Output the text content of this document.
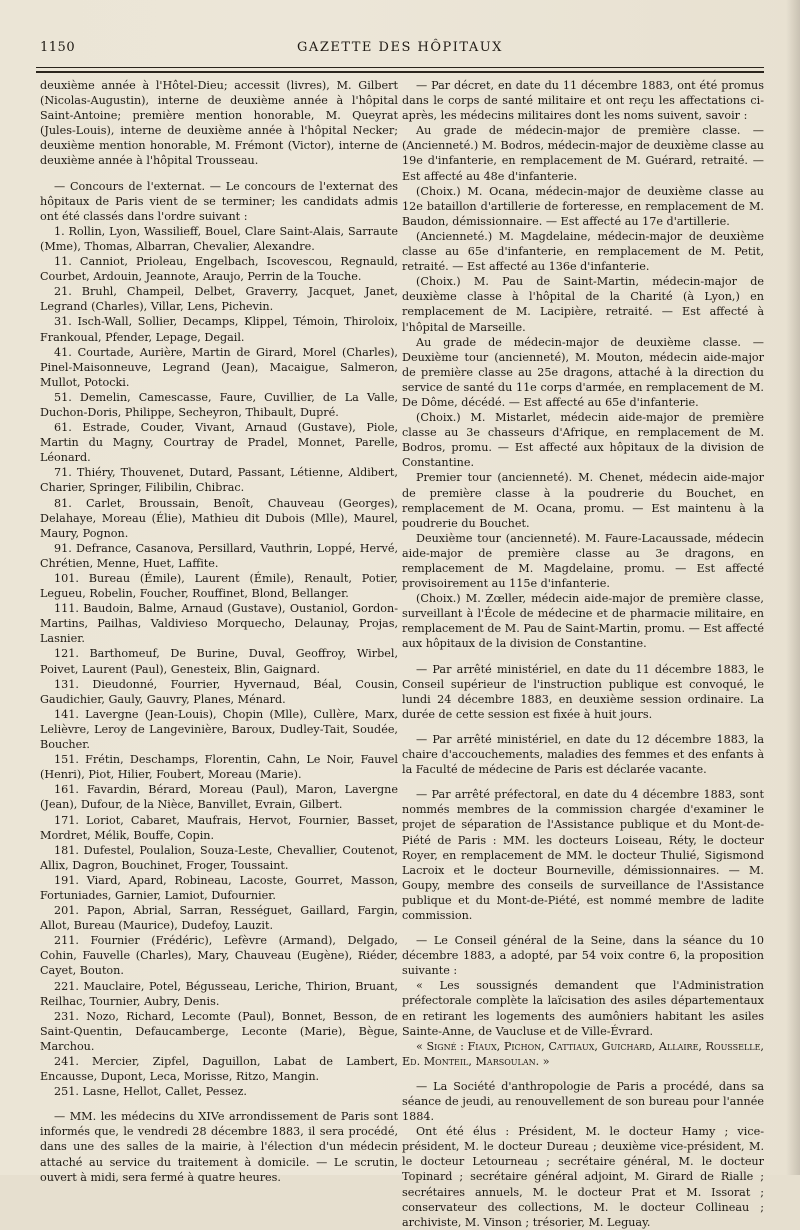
1150	GAZETTE DES HÔPITAUX

deuxième année à l'Hôtel-Dieu; accessit (livres), M. Gilbert (Nicolas-Augustin), interne de deuxième année à l'hôpital Saint-Antoine; première mention honorable, M. Queyrat (Jules-Louis), interne de deuxième année à l'hôpital Necker; deuxième mention honorable, M. Frémont (Victor), interne de deuxième année à l'hôpital Trousseau.

— Concours de l'externat. — Le concours de l'externat des hôpitaux de Paris vient de se terminer; les candidats admis ont été classés dans l'ordre suivant :

1. Rollin, Lyon, Wassilieff, Bouel, Clare Saint-Alais, Sarraute (Mme), Thomas, Albarran, Chevalier, Alexandre.

11. Canniot, Prioleau, Engelbach, Iscovescou, Regnauld, Courbet, Ardouin, Jeannote, Araujo, Perrin de la Touche.

21. Bruhl, Champeil, Delbet, Graverry, Jacquet, Janet, Legrand (Charles), Villar, Lens, Pichevin.

31. Isch-Wall, Sollier, Decamps, Klippel, Témoin, Thiroloix, Frankoual, Pfender, Lepage, Degail.

41. Courtade, Aurière, Martin de Girard, Morel (Charles), Pinel-Maisonneuve, Legrand (Jean), Macaigue, Salmeron, Mullot, Potocki.

51. Demelin, Camescasse, Faure, Cuvillier, de La Valle, Duchon-Doris, Philippe, Secheyron, Thibault, Dupré.

61. Estrade, Couder, Vivant, Arnaud (Gustave), Piole, Martin du Magny, Courtray de Pradel, Monnet, Parelle, Léonard.

71. Thiéry, Thouvenet, Dutard, Passant, Létienne, Aldibert, Charier, Springer, Filibilin, Chibrac.

81. Carlet, Broussain, Benoît, Chauveau (Georges), Delahaye, Moreau (Élie), Mathieu dit Dubois (Mlle), Maurel, Maury, Pognon.

91. Defrance, Casanova, Persillard, Vauthrin, Loppé, Hervé, Chrétien, Menne, Huet, Laffite.

101. Bureau (Émile), Laurent (Émile), Renault, Potier, Legueu, Robelin, Foucher, Rouffinet, Blond, Bellanger.

111. Baudoin, Balme, Arnaud (Gustave), Oustaniol, Gordon-Martins, Pailhas, Valdivieso Morquecho, Delaunay, Projas, Lasnier.

121. Barthomeuf, De Burine, Duval, Geoffroy, Wirbel, Poivet, Laurent (Paul), Genesteix, Blin, Gaignard.

131. Dieudonné, Fourrier, Hyvernaud, Béal, Cousin, Gaudichier, Gauly, Gauvry, Planes, Ménard.

141. Lavergne (Jean-Louis), Chopin (Mlle), Cullère, Marx, Lelièvre, Leroy de Langevinière, Baroux, Dudley-Tait, Soudée, Boucher.

151. Frétin, Deschamps, Florentin, Cahn, Le Noir, Fauvel (Henri), Piot, Hilier, Foubert, Moreau (Marie).

161. Favardin, Bérard, Moreau (Paul), Maron, Lavergne (Jean), Dufour, de la Nièce, Banvillet, Evrain, Gilbert.

171. Loriot, Cabaret, Maufrais, Hervot, Fournier, Basset, Mordret, Mélik, Bouffe, Copin.

181. Dufestel, Poulalion, Souza-Leste, Chevallier, Coutenot, Allix, Dagron, Bouchinet, Froger, Toussaint.

191. Viard, Apard, Robineau, Lacoste, Gourret, Masson, Fortuniades, Garnier, Lamiot, Dufournier.

201. Papon, Abrial, Sarran, Rességuet, Gaillard, Fargin, Allot, Bureau (Maurice), Dudefoy, Lauzit.

211. Fournier (Frédéric), Lefèvre (Armand), Delgado, Cohin, Fauvelle (Charles), Mary, Chauveau (Eugène), Riéder, Cayet, Bouton.

221. Mauclaire, Potel, Bégusseau, Leriche, Thirion, Bruant, Reilhac, Tournier, Aubry, Denis.

231. Nozo, Richard, Lecomte (Paul), Bonnet, Besson, de Saint-Quentin, Defaucamberge, Leconte (Marie), Bègue, Marchou.

241. Mercier, Zipfel, Daguillon, Labat de Lambert, Encausse, Dupont, Leca, Morisse, Ritzo, Mangin.

251. Lasne, Hellot, Callet, Pessez.

— MM. les médecins du XIVe arrondissement de Paris sont informés que, le vendredi 28 décembre 1883, il sera procédé, dans une des salles de la mairie, à l'élection d'un médecin attaché au service du traitement à domicile. — Le scrutin, ouvert à midi, sera fermé à quatre heures.

— Par décret, en date du 11 décembre 1883, ont été promus dans le corps de santé militaire et ont reçu les affectations ci-après, les médecins militaires dont les noms suivent, savoir :

Au grade de médecin-major de première classe. — (Ancienneté.) M. Bodros, médecin-major de deuxième classe au 19e d'infanterie, en remplacement de M. Guérard, retraité. — Est affecté au 48e d'infanterie.

(Choix.) M. Ocana, médecin-major de deuxième classe au 12e bataillon d'artillerie de forteresse, en remplacement de M. Baudon, démissionnaire. — Est affecté au 17e d'artillerie.

(Ancienneté.) M. Magdelaine, médecin-major de deuxième classe au 65e d'infanterie, en remplacement de M. Petit, retraité. — Est affecté au 136e d'infanterie.

(Choix.) M. Pau de Saint-Martin, médecin-major de deuxième classe à l'hôpital de la Charité (à Lyon,) en remplacement de M. Lacipière, retraité. — Est affecté à l'hôpital de Marseille.

Au grade de médecin-major de deuxième classe. — Deuxième tour (ancienneté), M. Mouton, médecin aide-major de première classe au 25e dragons, attaché à la direction du service de santé du 11e corps d'armée, en remplacement de M. De Dôme, décédé. — Est affecté au 65e d'infanterie.

(Choix.) M. Mistarlet, médecin aide-major de première classe au 3e chasseurs d'Afrique, en remplacement de M. Bodros, promu. — Est affecté aux hôpitaux de la division de Constantine.

Premier tour (ancienneté). M. Chenet, médecin aide-major de première classe à la poudrerie du Bouchet, en remplacement de M. Ocana, promu. — Est maintenu à la poudrerie du Bouchet.

Deuxième tour (ancienneté). M. Faure-Lacaussade, médecin aide-major de première classe au 3e dragons, en remplacement de M. Magdelaine, promu. — Est affecté provisoirement au 115e d'infanterie.

(Choix.) M. Zœller, médecin aide-major de première classe, surveillant à l'École de médecine et de pharmacie militaire, en remplacement de M. Pau de Saint-Martin, promu. — Est affecté aux hôpitaux de la division de Constantine.

— Par arrêté ministériel, en date du 11 décembre 1883, le Conseil supérieur de l'instruction publique est convoqué, le lundi 24 décembre 1883, en deuxième session ordinaire. La durée de cette session est fixée à huit jours.

— Par arrêté ministériel, en date du 12 décembre 1883, la chaire d'accouchements, maladies des femmes et des enfants à la Faculté de médecine de Paris est déclarée vacante.

— Par arrêté préfectoral, en date du 4 décembre 1883, sont nommés membres de la commission chargée d'examiner le projet de séparation de l'Assistance publique et du Mont-de-Piété de Paris : MM. les docteurs Loiseau, Réty, le docteur Royer, en remplacement de MM. le docteur Thulié, Sigismond Lacroix et le docteur Bourneville, démissionnaires. — M. Goupy, membre des conseils de surveillance de l'Assistance publique et du Mont-de-Piété, est nommé membre de ladite commission.

— Le Conseil général de la Seine, dans la séance du 10 décembre 1883, a adopté, par 54 voix contre 6, la proposition suivante :

« Les soussignés demandent que l'Administration préfectorale complète la laïcisation des asiles départementaux en retirant les logements des aumôniers habitant les asiles Sainte-Anne, de Vaucluse et de Ville-Évrard.

« Signé : Fiaux, Pichon, Cattiaux, Guichard, Allaire, Rousselle, Ed. Monteil, Marsoulan. »

— La Société d'anthropologie de Paris a procédé, dans sa séance de jeudi, au renouvellement de son bureau pour l'année 1884.

Ont été élus : Président, M. le docteur Hamy ; vice-président, M. le docteur Dureau ; deuxième vice-président, M. le docteur Letourneau ; secrétaire général, M. le docteur Topinard ; secrétaire général adjoint, M. Girard de Rialle ; secrétaires annuels, M. le docteur Prat et M. Issorat ; conservateur des collections, M. le docteur Collineau ; archiviste, M. Vinson ; trésorier, M. Leguay.
